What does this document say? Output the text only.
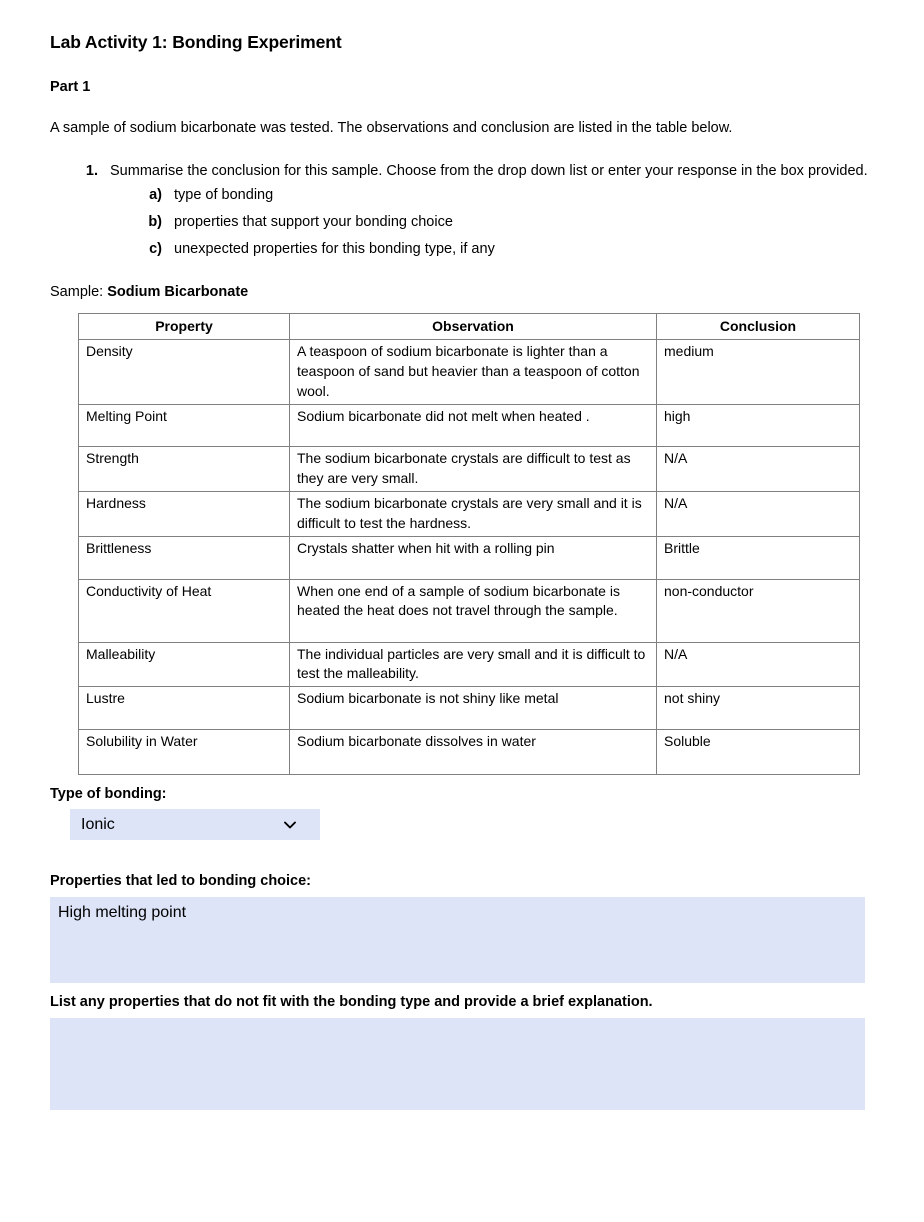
Lab Activity 1: Bonding Experiment
Part 1

A sample of sodium bicarbonate was tested. The observations and conclusion are listed in the table below.

1. Summarise the conclusion for this sample. Choose from the drop down list or enter your response in the box provided.
a) type of bonding
b) properties that support your bonding choice
c) unexpected properties for this bonding type, if any
Sample: Sodium Bicarbonate
Property	Observation	Conclusion
Density	A teaspoon of sodium bicarbonate is lighter than a teaspoon of sand but heavier than a teaspoon of cotton wool.	medium
Melting Point	Sodium bicarbonate did not melt when heated .	high
Strength	The sodium bicarbonate crystals are difficult to test as they are very small.	N/A
Hardness	The sodium bicarbonate crystals are very small and it is difficult to test the hardness.	N/A
Brittleness	Crystals shatter when hit with a rolling pin	Brittle
Conductivity of Heat	When one end of a sample of sodium bicarbonate is heated the heat does not travel through the sample.	non-conductor
Malleability	The individual particles are very small and it is difficult to test the malleability.	N/A
Lustre	Sodium bicarbonate is not shiny like metal	not shiny
Solubility in Water	Sodium bicarbonate dissolves in water	Soluble
Type of bonding:
Ionic
Properties that led to bonding choice:
High melting point
List any properties that do not fit with the bonding type and provide a brief explanation.
